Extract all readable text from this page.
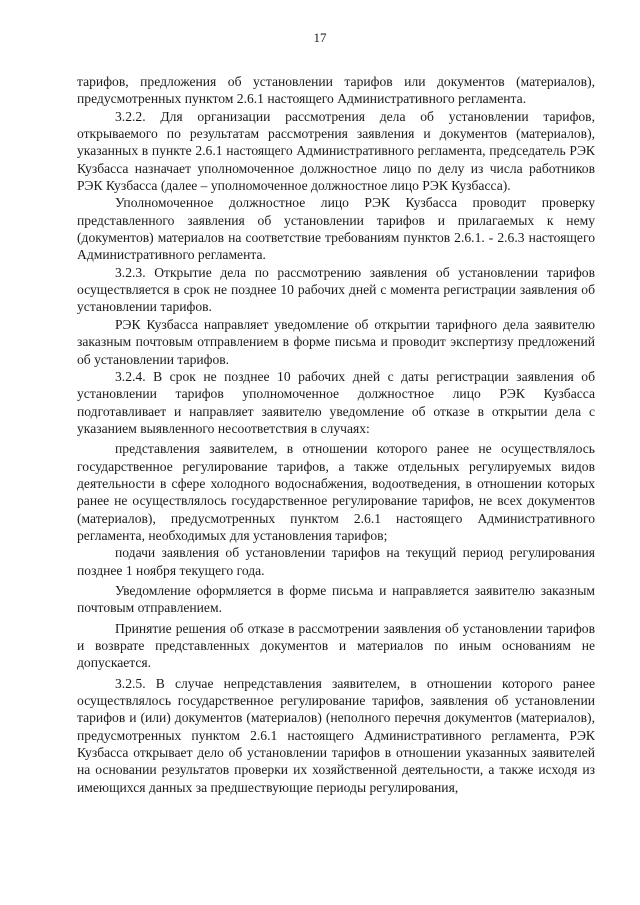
17

тарифов, предложения об установлении тарифов или документов (материалов), предусмотренных пунктом 2.6.1 настоящего Административного регламента.

3.2.2. Для организации рассмотрения дела об установлении тарифов, открываемого по результатам рассмотрения заявления и документов (материалов), указанных в пункте 2.6.1 настоящего Административного регламента, председатель РЭК Кузбасса назначает уполномоченное должностное лицо по делу из числа работников РЭК Кузбасса (далее – уполномоченное должностное лицо РЭК Кузбасса).

Уполномоченное должностное лицо РЭК Кузбасса проводит проверку представленного заявления об установлении тарифов и прилагаемых к нему (документов) материалов на соответствие требованиям пунктов 2.6.1. - 2.6.3 настоящего Административного регламента.

3.2.3. Открытие дела по рассмотрению заявления об установлении тарифов осуществляется в срок не позднее 10 рабочих дней с момента регистрации заявления об установлении тарифов.

РЭК Кузбасса направляет уведомление об открытии тарифного дела заявителю заказным почтовым отправлением в форме письма и проводит экспертизу предложений об установлении тарифов.

3.2.4. В срок не позднее 10 рабочих дней с даты регистрации заявления об установлении тарифов уполномоченное должностное лицо РЭК Кузбасса подготавливает и направляет заявителю уведомление об отказе в открытии дела с указанием выявленного несоответствия в случаях:

представления заявителем, в отношении которого ранее не осуществлялось государственное регулирование тарифов, а также отдельных регулируемых видов деятельности в сфере холодного водоснабжения, водоотведения, в отношении которых ранее не осуществлялось государственное регулирование тарифов, не всех документов (материалов), предусмотренных пунктом 2.6.1 настоящего Административного регламента, необходимых для установления тарифов;

подачи заявления об установлении тарифов на текущий период регулирования позднее 1 ноября текущего года.

Уведомление оформляется в форме письма и направляется заявителю заказным почтовым отправлением.

Принятие решения об отказе в рассмотрении заявления об установлении тарифов и возврате представленных документов и материалов по иным основаниям не допускается.

3.2.5. В случае непредставления заявителем, в отношении которого ранее осуществлялось государственное регулирование тарифов, заявления об установлении тарифов и (или) документов (материалов) (неполного перечня документов (материалов), предусмотренных пунктом 2.6.1 настоящего Административного регламента, РЭК Кузбасса открывает дело об установлении тарифов в отношении указанных заявителей на основании результатов проверки их хозяйственной деятельности, а также исходя из имеющихся данных за предшествующие периоды регулирования,
